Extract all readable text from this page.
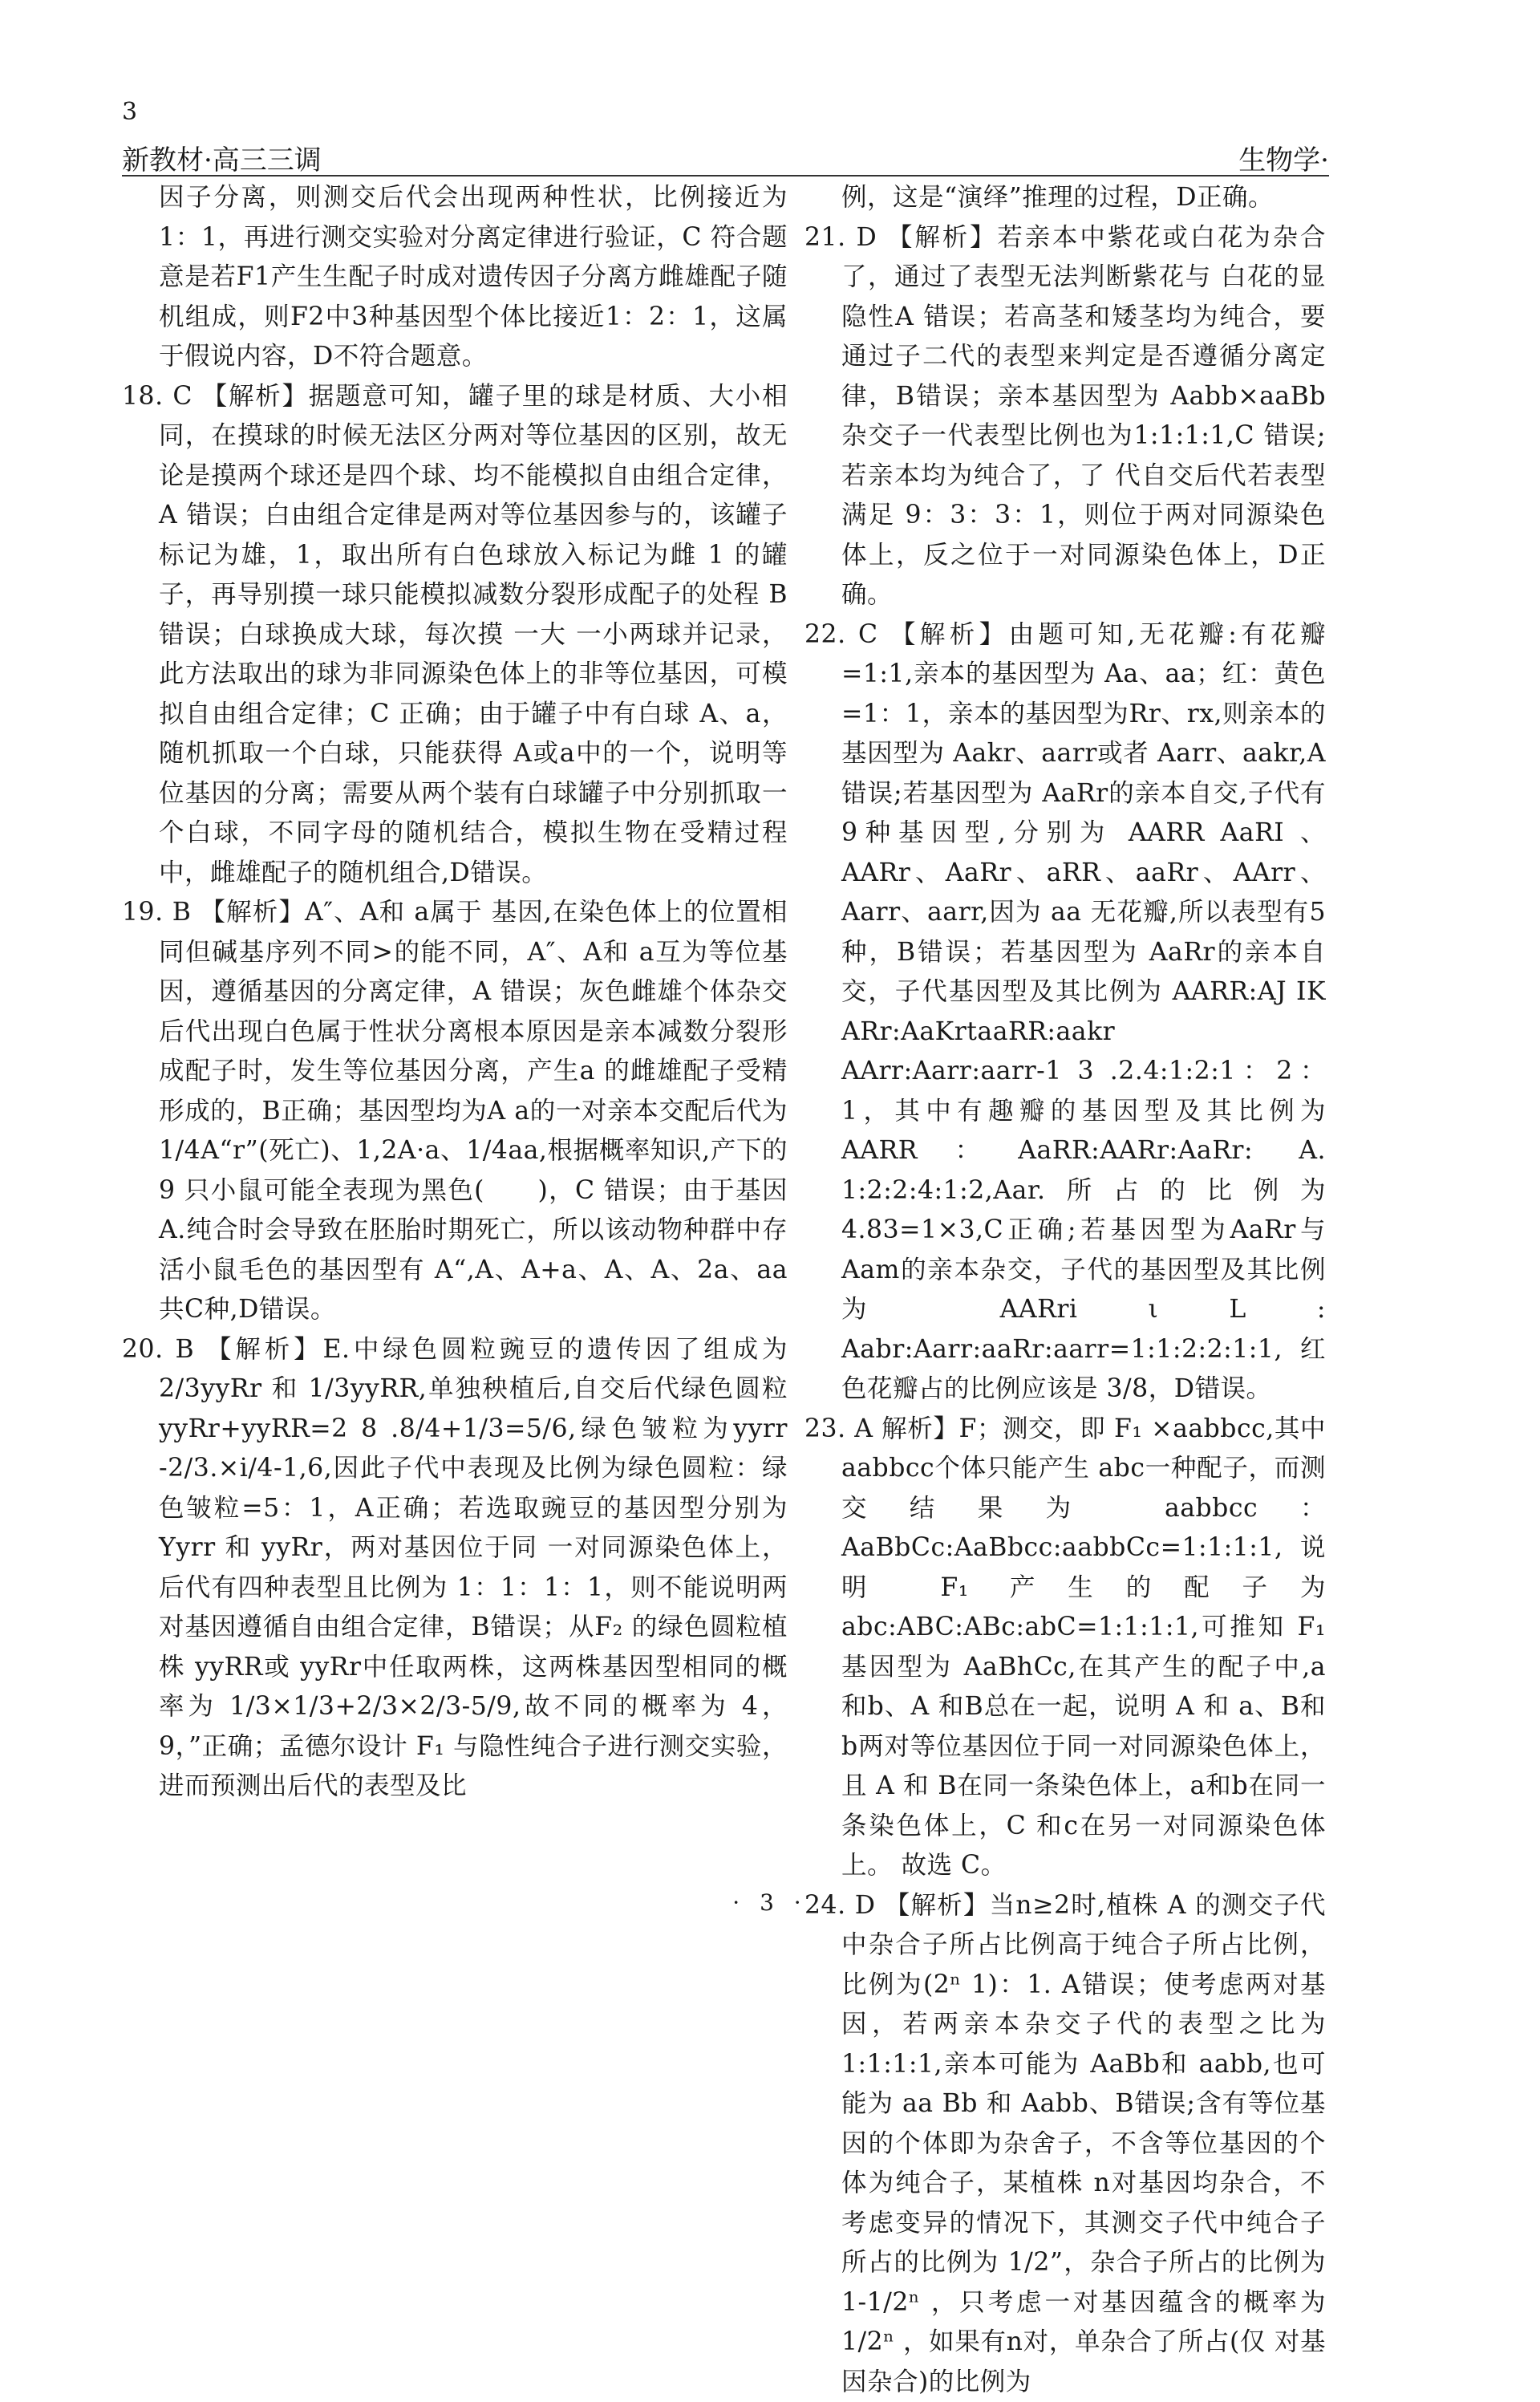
3
新教材·高三三调	生物学·

因子分离，则测交后代会出现两种性状，比例接近为1：1，再进行测交实验对分离定律进行验证，C 符合题意是若F1产生生配子时成对遗传因子分离方雌雄配子随机组成，则F2中3种基因型个体比接近1：2：1，这属于假说内容，D不符合题意。

18. C 【解析】据题意可知，罐子里的球是材质、大小相同，在摸球的时候无法区分两对等位基因的区别，故无论是摸两个球还是四个球、均不能模拟自由组合定律，A 错误；白由组合定律是两对等位基因参与的，该罐子标记为雄，1，取出所有白色球放入标记为雌 1 的罐子，再导别摸一球只能模拟减数分裂形成配子的处程 B错误；白球换成大球，每次摸 一大 一小两球并记录，此方法取出的球为非同源染色体上的非等位基因，可模拟自由组合定律；C 正确；由于罐子中有白球 A、a，随机抓取一个白球，只能获得 A或a中的一个，说明等位基因的分离；需要从两个装有白球罐子中分别抓取一个白球，不同字母的随机结合，模拟生物在受精过程中，雌雄配子的随机组合,D错误。

19. B 【解析】A″、A和 a属于 基因,在染色体上的位置相同但碱基序列不同>的能不同，A″、A和 a互为等位基因，遵循基因的分离定律，A 错误；灰色雌雄个体杂交后代出现白色属于性状分离根本原因是亲本减数分裂形成配子时，发生等位基因分离，产生a 的雌雄配子受精形成的，B正确；基因型均为A a的一对亲本交配后代为1/4A“r”(死亡)、1,2A·a、1/4aa,根据概率知识,产下的 9 只小鼠可能全表现为黑色(　　)，C 错误；由于基因 A.纯合时会导致在胚胎时期死亡，所以该动物种群中存活小鼠毛色的基因型有 A“,A、A+a、A、A、2a、aa共C种,D错误。

20. B 【解析】E.中绿色圆粒豌豆的遗传因了组成为2/3yyRr 和 1/3yyRR,单独秧植后,自交后代绿色圆粒 yyRr+yyRR=2 8 .8/4+1/3=5/6,绿色皱粒为yyrr -2/3.×i/4-1,6,因此子代中表现及比例为绿色圆粒：绿色皱粒=5：1，A正确；若选取豌豆的基因型分别为 Yyrr 和 yyRr，两对基因位于同 一对同源染色体上，后代有四种表型且比例为 1：1：1：1，则不能说明两对基因遵循自由组合定律，B错误；从F₂ 的绿色圆粒植株 yyRR或 yyRr中任取两株，这两株基因型相同的概率为 1/3×1/3+2/3×2/3-5/9,故不同的概率为 4，9，”正确；孟德尔设计 F₁ 与隐性纯合子进行测交实验，进而预测出后代的表型及比

例，这是“演绎”推理的过程，D正确。

21. D 【解析】若亲本中紫花或白花为杂合了，通过了表型无法判断紫花与 白花的显隐性A 错误；若高茎和矮茎均为纯合，要通过子二代的表型来判定是否遵循分离定律，B错误；亲本基因型为 Aabb×aaBb杂交子一代表型比例也为1:1:1:1,C 错误;若亲本均为纯合了，了 代自交后代若表型满足 9：3：3：1，则位于两对同源染色体上，反之位于一对同源染色体上，D正确。

22. C 【解析】由题可知,无花瓣:有花瓣=1:1,亲本的基因型为 Aa、aa；红：黄色=1：1，亲本的基因型为Rr、rx,则亲本的基因型为 Aakr、aarr或者 Aarr、aakr,A 错误;若基因型为 AaRr的亲本自交,子代有 9种基因型,分别为 AARR AaRI 、AARr、AaRr、aRR、aaRr、AArr、Aarr、aarr,因为 aa 无花瓣,所以表型有5种，B错误；若基因型为 AaRr的亲本自交，子代基因型及其比例为 AARR:AJ IK ARr:AaKrtaaRR:aakr AArr:Aarr:aarr-1 3 .2.4:1:2:1：2：1，其中有趣瓣的基因型及其比例为 AARR：AaRR:AARr:AaRr: A. 1:2:2:4:1:2,Aar.所占的比例为4.83=1×3,C正确;若基因型为AaRr与 Aam的亲本杂交，子代的基因型及其比例为 AARri ι L : Aabr:Aarr:aaRr:aarr=1:1:2:2:1:1,红色花瓣占的比例应该是 3/8，D错误。

23. A 解析】F；测交，即 F₁ ×aabbcc,其中 aabbcc个体只能产生 abc一种配子，而测交结果为 aabbcc：AaBbCc:AaBbcc:aabbCc=1:1:1:1,说明 F₁ 产生的配子为 abc:ABC:ABc:abC=1:1:1:1,可推知 F₁ 基因型为 AaBhCc,在其产生的配子中,a 和b、A 和B总在一起，说明 A 和 a、B和 b两对等位基因位于同一对同源染色体上，且 A 和 B在同一条染色体上，a和b在同一条染色体上，C 和c在另一对同源染色体上。 故选 C。

24. D 【解析】当n≥2时,植株 A 的测交子代中杂合子所占比例高于纯合子所占比例，比例为(2ⁿ 1)：1. A错误；使考虑两对基因，若两亲本杂交子代的表型之比为1:1:1:1,亲本可能为 AaBb和 aabb,也可能为 aa Bb 和 Aabb、B错误;含有等位基因的个体即为杂舍子，不含等位基因的个体为纯合子，某植株 n对基因均杂合，不考虑变异的情况下，其测交子代中纯合子所占的比例为 1/2”，杂合子所占的比例为1-1/2ⁿ ，只考虑一对基因蕴含的概率为 1/2ⁿ ，如果有n对，单杂合了所占(仅 对基因杂合)的比例为

· 3 ·
